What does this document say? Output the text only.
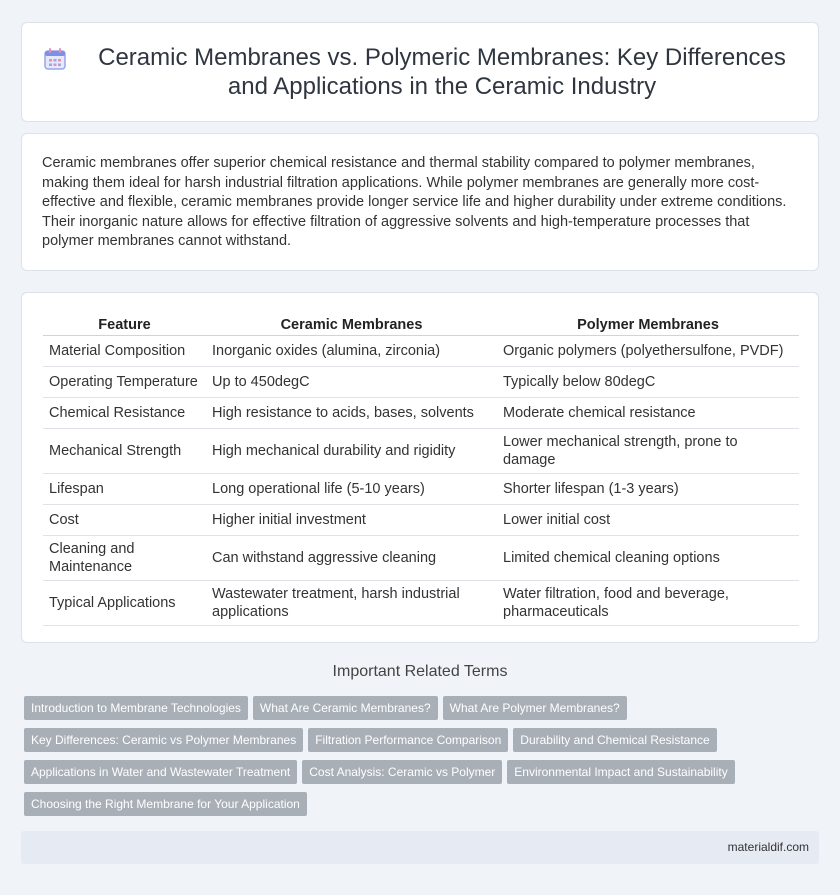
Ceramic Membranes vs. Polymeric Membranes: Key Differences and Applications in the Ceramic Industry

Ceramic membranes offer superior chemical resistance and thermal stability compared to polymer membranes, making them ideal for harsh industrial filtration applications. While polymer membranes are generally more cost-effective and flexible, ceramic membranes provide longer service life and higher durability under extreme conditions. Their inorganic nature allows for effective filtration of aggressive solvents and high-temperature processes that polymer membranes cannot withstand.

Feature	Ceramic Membranes	Polymer Membranes
Material Composition	Inorganic oxides (alumina, zirconia)	Organic polymers (polyethersulfone, PVDF)
Operating Temperature	Up to 450degC	Typically below 80degC
Chemical Resistance	High resistance to acids, bases, solvents	Moderate chemical resistance
Mechanical Strength	High mechanical durability and rigidity	Lower mechanical strength, prone to damage
Lifespan	Long operational life (5-10 years)	Shorter lifespan (1-3 years)
Cost	Higher initial investment	Lower initial cost
Cleaning and Maintenance	Can withstand aggressive cleaning	Limited chemical cleaning options
Typical Applications	Wastewater treatment, harsh industrial applications	Water filtration, food and beverage, pharmaceuticals
Important Related Terms
Introduction to Membrane Technologies What Are Ceramic Membranes? What Are Polymer Membranes?
Key Differences: Ceramic vs Polymer Membranes Filtration Performance Comparison Durability and Chemical Resistance
Applications in Water and Wastewater Treatment Cost Analysis: Ceramic vs Polymer Environmental Impact and Sustainability
Choosing the Right Membrane for Your Application
materialdif.com
